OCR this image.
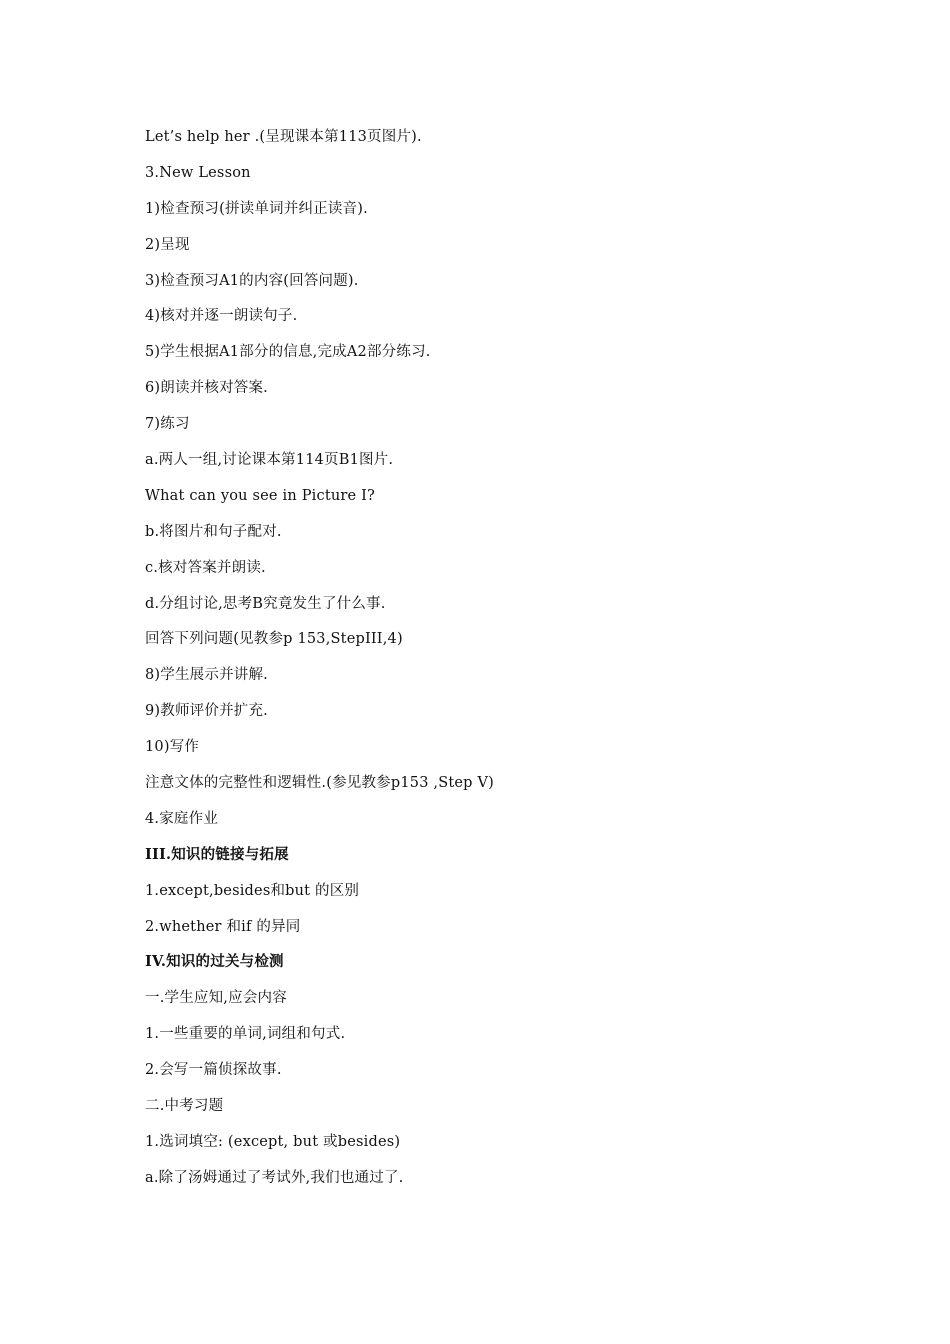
Let’s help her .(呈现课本第113页图片).
3.New Lesson
1)检查预习(拼读单词并纠正读音).
2)呈现
3)检查预习A1的内容(回答问题).
4)核对并逐一朗读句子.
5)学生根据A1部分的信息,完成A2部分练习.
6)朗读并核对答案.
7)练习
a.两人一组,讨论课本第114页B1图片.
What can you see in Picture I?
b.将图片和句子配对.
c.核对答案并朗读.
d.分组讨论,思考B究竟发生了什么事.
回答下列问题(见教参p 153,StepIII,4)
8)学生展示并讲解.
9)教师评价并扩充.
10)写作
注意文体的完整性和逻辑性.(参见教参p153 ,Step V)
4.家庭作业
III.知识的链接与拓展
1.except,besides和but 的区别
2.whether 和if 的异同
IV.知识的过关与检测
一.学生应知,应会内容
1.一些重要的单词,词组和句式.
2.会写一篇侦探故事.
二.中考习题
1.选词填空: (except, but 或besides)
a.除了汤姆通过了考试外,我们也通过了.
